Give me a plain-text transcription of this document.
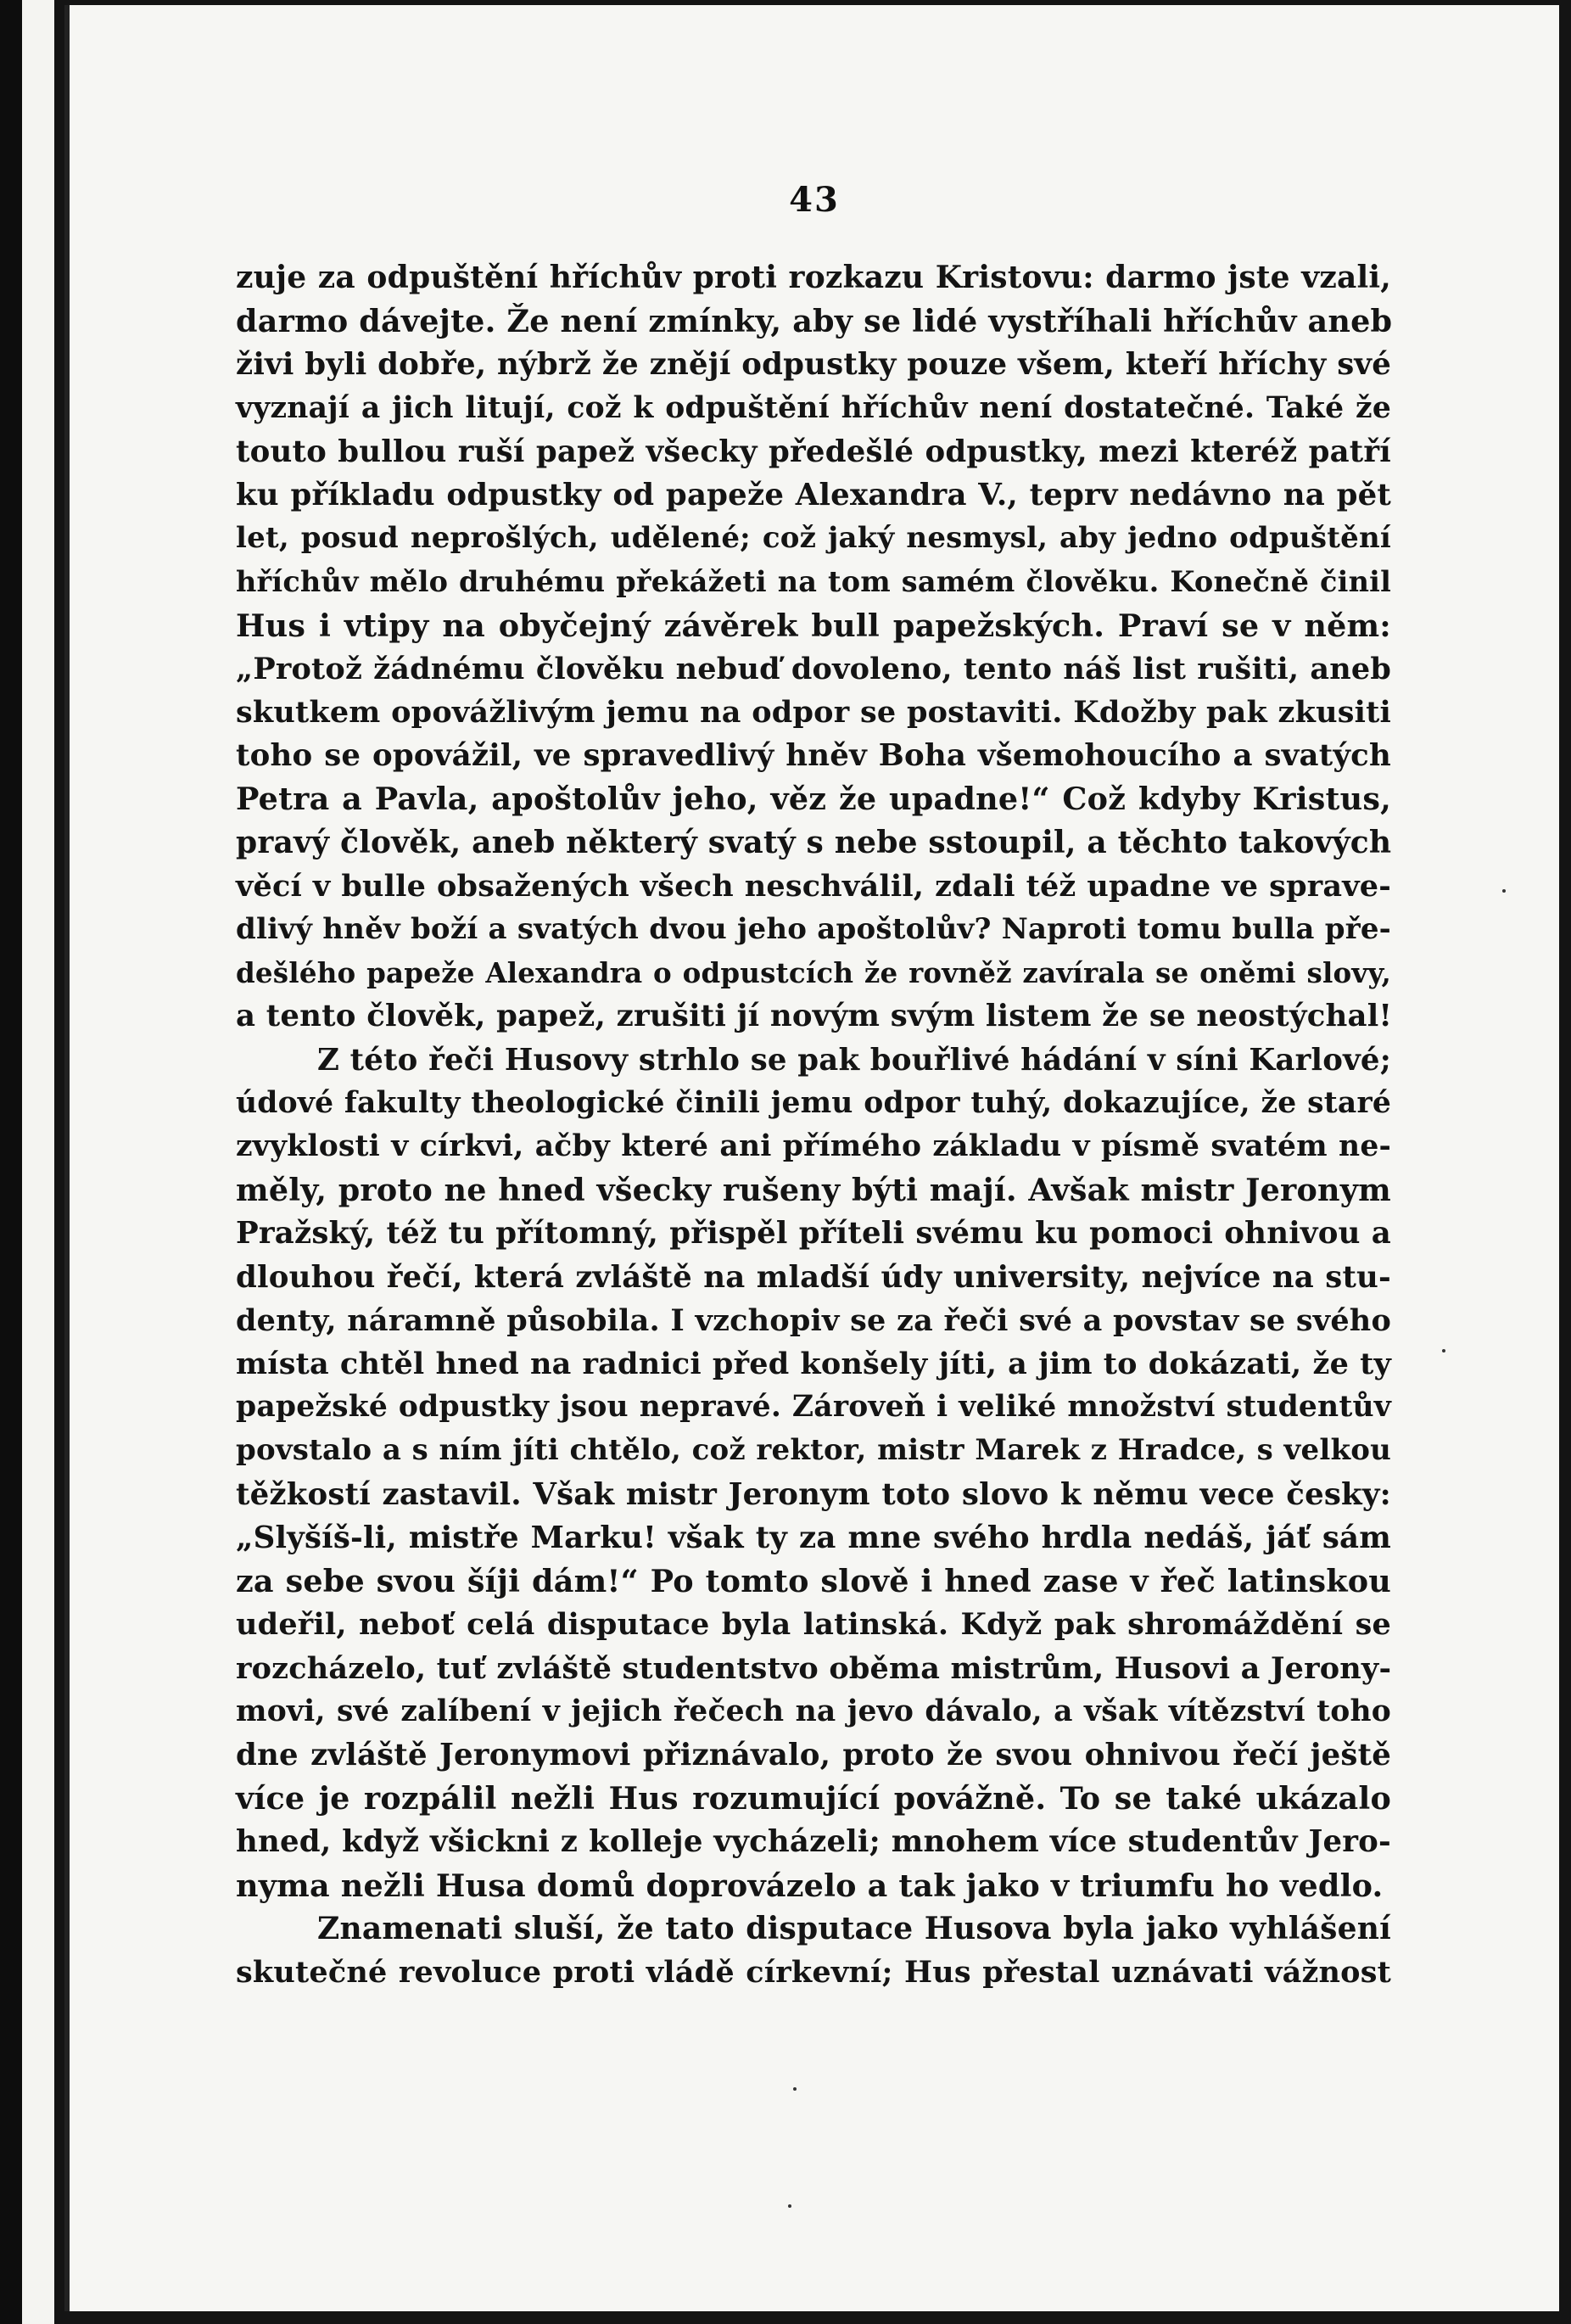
43
zuje za odpuštění hříchův proti rozkazu Kristovu: darmo jste vzali,
darmo dávejte. Že není zmínky, aby se lidé vystříhali hříchův aneb
živi byli dobře, nýbrž že znějí odpustky pouze všem, kteří hříchy své
vyznají a jich litují, což k odpuštění hříchův není dostatečné. Také že
touto bullou ruší papež všecky předešlé odpustky, mezi kteréž patří
ku příkladu odpustky od papeže Alexandra V., teprv nedávno na pět
let, posud neprošlých, udělené; což jaký nesmysl, aby jedno odpuštění
hříchův mělo druhému překážeti na tom samém člověku. Konečně činil
Hus i vtipy na obyčejný závěrek bull papežských. Praví se v něm:
„Protož žádnému člověku nebuď dovoleno, tento náš list rušiti, aneb
skutkem opovážlivým jemu na odpor se postaviti. Kdožby pak zkusiti
toho se opovážil, ve spravedlivý hněv Boha všemohoucího a svatých
Petra a Pavla, apoštolův jeho, věz že upadne!“ Což kdyby Kristus,
pravý člověk, aneb některý svatý s nebe sstoupil, a těchto takových
věcí v bulle obsažených všech neschválil, zdali též upadne ve sprave-
dlivý hněv boží a svatých dvou jeho apoštolův? Naproti tomu bulla pře-
dešlého papeže Alexandra o odpustcích že rovněž zavírala se oněmi slovy,
a tento člověk, papež, zrušiti jí novým svým listem že se neostýchal!
Z této řeči Husovy strhlo se pak bouřlivé hádání v síni Karlové;
údové fakulty theologické činili jemu odpor tuhý, dokazujíce, že staré
zvyklosti v církvi, ačby které ani přímého základu v písmě svatém ne-
měly, proto ne hned všecky rušeny býti mají. Avšak mistr Jeronym
Pražský, též tu přítomný, přispěl příteli svému ku pomoci ohnivou a
dlouhou řečí, která zvláště na mladší údy university, nejvíce na stu-
denty, náramně působila. I vzchopiv se za řeči své a povstav se svého
místa chtěl hned na radnici před konšely jíti, a jim to dokázati, že ty
papežské odpustky jsou nepravé. Zároveň i veliké množství studentův
povstalo a s ním jíti chtělo, což rektor, mistr Marek z Hradce, s velkou
těžkostí zastavil. Však mistr Jeronym toto slovo k němu vece česky:
„Slyšíš-li, mistře Marku! však ty za mne svého hrdla nedáš, jáť sám
za sebe svou šíji dám!“ Po tomto slově i hned zase v řeč latinskou
udeřil, neboť celá disputace byla latinská. Když pak shromáždění se
rozcházelo, tuť zvláště studentstvo oběma mistrům, Husovi a Jerony-
movi, své zalíbení v jejich řečech na jevo dávalo, a však vítězství toho
dne zvláště Jeronymovi přiznávalo, proto že svou ohnivou řečí ještě
více je rozpálil nežli Hus rozumující povážně. To se také ukázalo
hned, když všickni z kolleje vycházeli; mnohem více studentův Jero-
nyma nežli Husa domů doprovázelo a tak jako v triumfu ho vedlo.
Znamenati sluší, že tato disputace Husova byla jako vyhlášení
skutečné revoluce proti vládě církevní; Hus přestal uznávati vážnost
